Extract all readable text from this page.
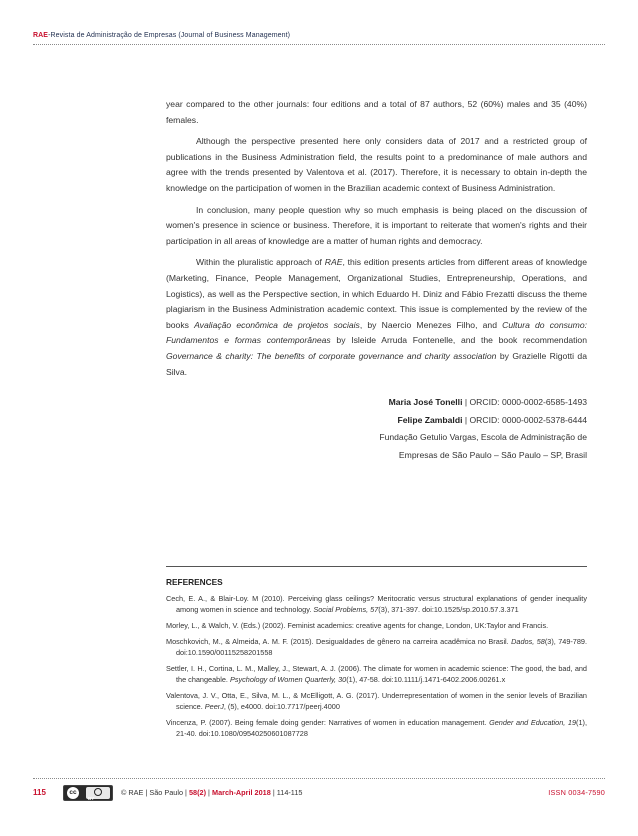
RAE-Revista de Administração de Empresas (Journal of Business Management)

year compared to the other journals: four editions and a total of 87 authors, 52 (60%) males and 35 (40%) females.

Although the perspective presented here only considers data of 2017 and a restricted group of publications in the Business Administration field, the results point to a predominance of male authors and agree with the trends presented by Valentova et al. (2017). Therefore, it is necessary to obtain in-depth the knowledge on the participation of women in the Brazilian academic context of Business Administration.

In conclusion, many people question why so much emphasis is being placed on the discussion of women's presence in science or business. Therefore, it is important to reiterate that women's rights and their participation in all areas of knowledge are a matter of human rights and democracy.

Within the pluralistic approach of RAE, this edition presents articles from different areas of knowledge (Marketing, Finance, People Management, Organizational Studies, Entrepreneurship, Operations, and Logistics), as well as the Perspective section, in which Eduardo H. Diniz and Fábio Frezatti discuss the theme plagiarism in the Business Administration academic context. This issue is complemented by the review of the books Avaliação econômica de projetos sociais, by Naercio Menezes Filho, and Cultura do consumo: Fundamentos e formas contemporâneas by Isleide Arruda Fontenelle, and the book recommendation Governance & charity: The benefits of corporate governance and charity association by Grazielle Rigotti da Silva.

Maria José Tonelli | ORCID: 0000-0002-6585-1493
Felipe Zambaldi | ORCID: 0000-0002-5378-6444
Fundação Getulio Vargas, Escola de Administração de
Empresas de São Paulo – São Paulo – SP, Brasil
REFERENCES
Cech, E. A., & Blair-Loy. M (2010). Perceiving glass ceilings? Meritocratic versus structural explanations of gender inequality among women in science and technology. Social Problems, 57(3), 371-397. doi:10.1525/sp.2010.57.3.371
Morley, L., & Walch, V. (Eds.) (2002). Feminist academics: creative agents for change, London, UK:Taylor and Francis.
Moschkovich, M., & Almeida, A. M. F. (2015). Desigualdades de gênero na carreira acadêmica no Brasil. Dados, 58(3), 749-789. doi:10.1590/00115258201558
Settler, I. H., Cortina, L. M., Malley, J., Stewart, A. J. (2006). The climate for women in academic science: The good, the bad, and the changeable. Psychology of Women Quarterly, 30(1), 47-58. doi:10.1111/j.1471-6402.2006.00261.x
Valentova, J. V., Otta, E., Silva, M. L., & McElligott, A. G. (2017). Underrepresentation of women in the senior levels of Brazilian science. PeerJ, (5), e4000. doi:10.7717/peerj.4000
Vincenza, P. (2007). Being female doing gender: Narratives of women in education management. Gender and Education, 19(1), 21-40. doi:10.1080/09540250601087728
115	cc
BY
© RAE | São Paulo | 58(2) | March-April 2018 | 114-115	ISSN 0034-7590
